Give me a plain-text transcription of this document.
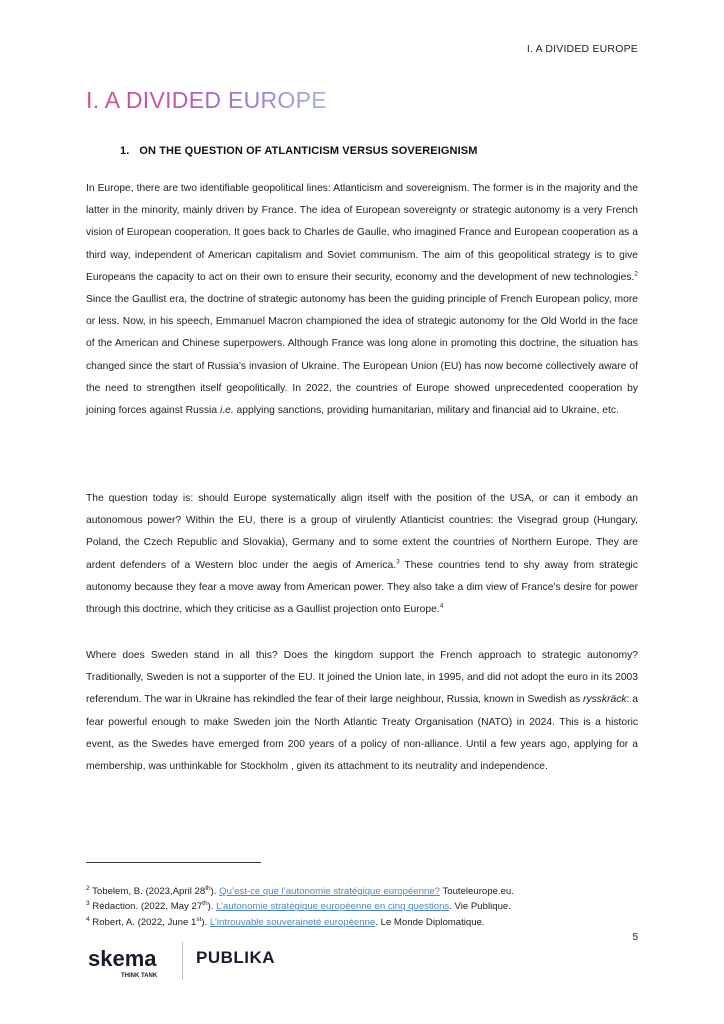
I. A DIVIDED EUROPE
I. A DIVIDED EUROPE
1. ON THE QUESTION OF ATLANTICISM VERSUS SOVEREIGNISM

In Europe, there are two identifiable geopolitical lines: Atlanticism and sovereignism. The former is in the majority and the latter in the minority, mainly driven by France. The idea of European sovereignty or strategic autonomy is a very French vision of European cooperation. It goes back to Charles de Gaulle, who imagined France and European cooperation as a third way, independent of American capitalism and Soviet communism. The aim of this geopolitical strategy is to give Europeans the capacity to act on their own to ensure their security, economy and the development of new technologies.$^2$ Since the Gaullist era, the doctrine of strategic autonomy has been the guiding principle of French European policy, more or less. Now, in his speech, Emmanuel Macron championed the idea of strategic autonomy for the Old World in the face of the American and Chinese superpowers. Although France was long alone in promoting this doctrine, the situation has changed since the start of Russia’s invasion of Ukraine. The European Union (EU) has now become collectively aware of the need to strengthen itself geopolitically. In 2022, the countries of Europe showed unprecedented cooperation by joining forces against Russia i.e. applying sanctions, providing humanitarian, military and financial aid to Ukraine, etc.

The question today is: should Europe systematically align itself with the position of the USA, or can it embody an autonomous power? Within the EU, there is a group of virulently Atlanticist countries: the Visegrad group (Hungary, Poland, the Czech Republic and Slovakia), Germany and to some extent the countries of Northern Europe. They are ardent defenders of a Western bloc under the aegis of America.$^3$ These countries tend to shy away from strategic autonomy because they fear a move away from American power. They also take a dim view of France's desire for power through this doctrine, which they criticise as a Gaullist projection onto Europe.$^4$

Where does Sweden stand in all this? Does the kingdom support the French approach to strategic autonomy? Traditionally, Sweden is not a supporter of the EU. It joined the Union late, in 1995, and did not adopt the euro in its 2003 referendum. The war in Ukraine has rekindled the fear of their large neighbour, Russia, known in Swedish as rysskräck: a fear powerful enough to make Sweden join the North Atlantic Treaty Organisation (NATO) in 2024. This is a historic event, as the Swedes have emerged from 200 years of a policy of non-alliance. Until a few years ago, applying for a membership, was unthinkable for Stockholm , given its attachment to its neutrality and independence.

$^2$ Tobelem, B. (2023,April 28th). Qu’est-ce que l’autonomie stratégique européenne? Touteleurope.eu.
$^3$ Rédaction. (2022, May 27th). L’autonomie stratégique européenne en cinq questions. Vie Publique.
$^4$ Robert, A. (2022, June 1st). L’introuvable souveraineté européenne. Le Monde Diplomatique.
5
skema
THINK TANK
PUBLIKA
